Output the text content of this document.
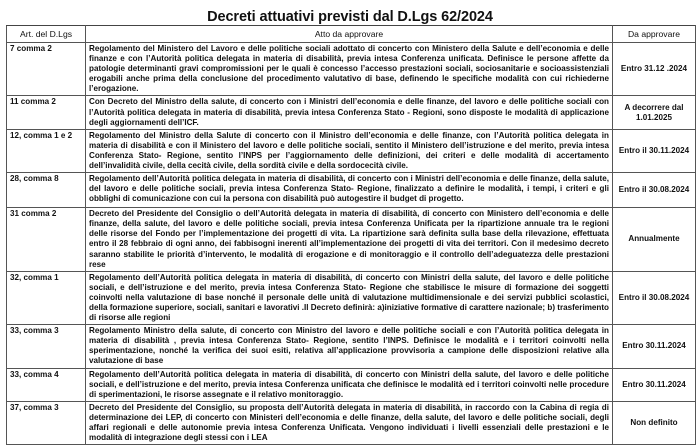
Decreti attuativi previsti dal D.Lgs 62/2024
Art. del D.Lgs	Atto da approvare	Da approvare
7 comma 2	Regolamento del Ministero del Lavoro e delle politiche sociali adottato di concerto con Ministero della Salute e dell’economia e delle finanze e con l’Autorità politica delegata in materia di disabilità, previa intesa Conferenza unificata. Definisce le persone affette da patologie determinanti gravi compromissioni per le quali è concesso l’accesso prestazioni sociali, sociosanitarie e socioassistenziali erogabili anche prima della conclusione del procedimento valutativo di base, definendo le specifiche modalità con cui richiederne l’erogazione.	Entro 31.12 .2024
11 comma 2	Con Decreto del Ministro della salute, di concerto con i Ministri dell’economia e delle finanze, del lavoro e delle politiche sociali con l’Autorità politica delegata in materia di disabilità, previa intesa Conferenza Stato - Regioni, sono disposte le modalità di applicazione degli aggiornamenti dell’ICF.	A decorrere dal 1.01.2025
12, comma 1 e 2	Regolamento del Ministro della Salute di concerto con il Ministro dell’economia e delle finanze, con l’Autorità politica delegata in materia di disabilità e con il Ministero del lavoro e delle politiche sociali, sentito il Ministero dell’istruzione e del merito, previa intesa Conferenza Stato- Regione, sentito l’INPS per l’aggiornamento delle definizioni, dei criteri e delle modalità di accertamento dell’invalidità civile, della cecità civile, della sordità civile e della sordocecità civile.	Entro il 30.11.2024
28, comma 8	Regolamento dell’Autorità politica delegata in materia di disabilità, di concerto con i Ministri dell’economia e delle finanze, della salute, del lavoro e delle politiche sociali, previa intesa Conferenza Stato- Regione, finalizzato a definire le modalità, i tempi, i criteri e gli obblighi di comunicazione con cui la persona con disabilità può autogestire il budget di progetto.	Entro il 30.08.2024
31 comma 2	Decreto del Presidente del Consiglio o dell’Autorità delegata in materia di disabilità, di concerto con Ministero dell’economia e delle finanze, della salute, del lavoro e delle politiche sociali, previa intesa Conferenza Unificata per la ripartizione annuale tra le regioni delle risorse del Fondo per l’implementazione dei progetti di vita. La ripartizione sarà definita sulla base della rilevazione, effettuata entro il 28 febbraio di ogni anno, dei fabbisogni inerenti all’implementazione dei progetti di vita dei territori. Con il medesimo decreto saranno stabilite le priorità d’intervento, le modalità di erogazione e di monitoraggio e il controllo dell’adeguatezza delle prestazioni rese	Annualmente
32, comma 1	Regolamento dell’Autorità politica delegata in materia di disabilità, di concerto con Ministri della salute, del lavoro e delle politiche sociali, e dell’istruzione e del merito, previa intesa Conferenza Stato- Regione che stabilisce le misure di formazione dei soggetti coinvolti nella valutazione di base nonché il personale delle unità di valutazione multidimensionale e dei servizi pubblici scolastici, della formazione superiore, sociali, sanitari e lavorativi .Il Decreto definirà: a)iniziative formative di carattere nazionale; b) trasferimento di risorse alle regioni	Entro il 30.08.2024
33, comma 3	Regolamento Ministro della salute, di concerto con Ministro del lavoro e delle politiche sociali e con l’Autorità politica delegata in materia di disabilità , previa intesa Conferenza Stato- Regione, sentito l’INPS. Definisce le modalità e i territori coinvolti nella sperimentazione, nonché la verifica dei suoi esiti, relativa all’applicazione provvisoria a campione delle disposizioni relative alla valutazione di base	Entro 30.11.2024
33, comma 4	Regolamento dell’Autorità politica delegata in materia di disabilità, di concerto con Ministri della salute, del lavoro e delle politiche sociali, e dell’istruzione e del merito, previa intesa Conferenza unificata che definisce le modalità ed i territori coinvolti nelle procedure di sperimentazioni, le risorse assegnate e il relativo monitoraggio.	Entro 30.11.2024
37, comma 3	Decreto del Presidente del Consiglio, su proposta dell’Autorità delegata in materia di disabilità, in raccordo con la Cabina di regia di determinazione dei LEP, di concerto con Ministeri dell’economia e delle finanze, della salute, del lavoro e delle politiche sociali, degli affari regionali e delle autonomie previa intesa Conferenza Unificata. Vengono individuati i livelli essenziali delle prestazioni e le modalità di integrazione degli stessi con i LEA	Non definito
